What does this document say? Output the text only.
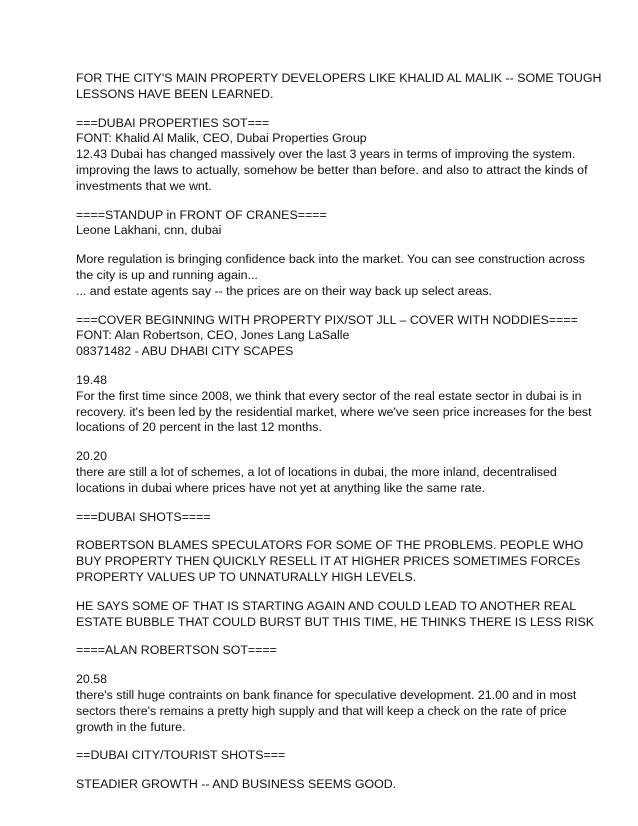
FOR THE CITY'S MAIN PROPERTY DEVELOPERS LIKE KHALID AL MALIK -- SOME TOUGH
LESSONS HAVE BEEN LEARNED.

===DUBAI PROPERTIES SOT===
FONT: Khalid Al Malik, CEO, Dubai Properties Group
12.43 Dubai has changed massively over the last 3 years in terms of improving the system.
improving the laws to actually, somehow be better than before. and also to attract the kinds of
investments that we wnt.

====STANDUP in FRONT OF CRANES====
Leone Lakhani, cnn, dubai

More regulation is bringing confidence back into the market. You can see construction across
the city is up and running again...
... and estate agents say -- the prices are on their way back up select areas.

===COVER BEGINNING WITH PROPERTY PIX/SOT JLL – COVER WITH NODDIES====
FONT: Alan Robertson, CEO, Jones Lang LaSalle
08371482 - ABU DHABI CITY SCAPES

19.48
For the first time since 2008, we think that every sector of the real estate sector in dubai is in
recovery. it's been led by the residential market, where we've seen price increases for the best
locations of 20 percent in the last 12 months.

20.20
there are still a lot of schemes, a lot of locations in dubai, the more inland, decentralised
locations in dubai where prices have not yet at anything like the same rate.

===DUBAI SHOTS====

ROBERTSON BLAMES SPECULATORS FOR SOME OF THE PROBLEMS. PEOPLE WHO
BUY PROPERTY THEN QUICKLY RESELL IT AT HIGHER PRICES SOMETIMES FORCEs
PROPERTY VALUES UP TO UNNATURALLY HIGH LEVELS.

HE SAYS SOME OF THAT IS STARTING AGAIN AND COULD LEAD TO ANOTHER REAL
ESTATE BUBBLE THAT COULD BURST BUT THIS TIME, HE THINKS THERE IS LESS RISK

====ALAN ROBERTSON SOT====

20.58
there's still huge contraints on bank finance for speculative development. 21.00 and in most
sectors there's remains a pretty high supply and that will keep a check on the rate of price
growth in the future.

==DUBAI CITY/TOURIST SHOTS===

STEADIER GROWTH -- AND BUSINESS SEEMS GOOD.
